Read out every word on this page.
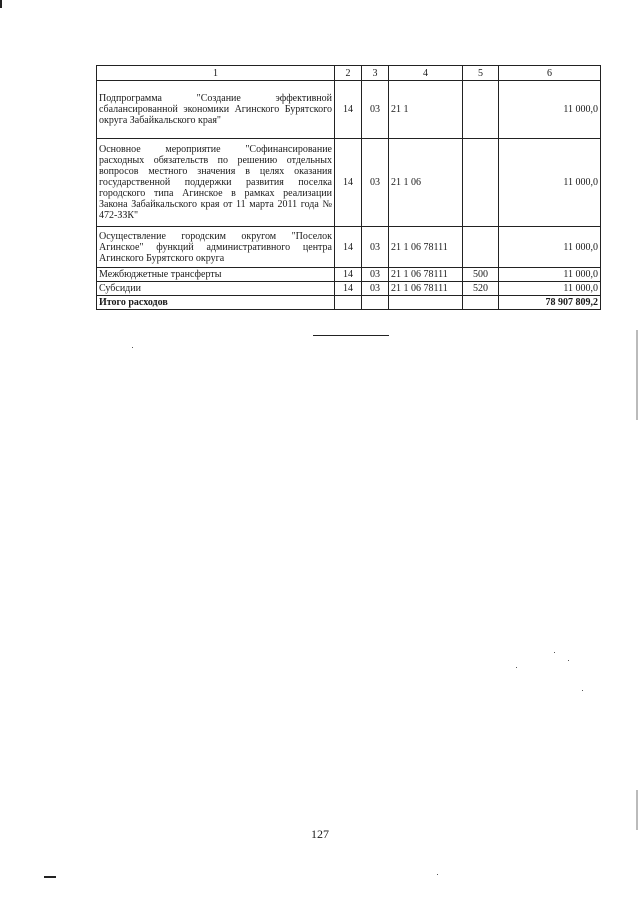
1	2	3	4	5	6
Подпрограмма "Создание эффективной сбалансированной экономики Агинского Бурятского округа Забайкальского края"	14	03	21 1		11 000,0
Основное мероприятие "Софинансирование расходных обязательств по решению отдельных вопросов местного значения в целях оказания государственной поддержки развития поселка городского типа Агинское в рамках реализации Закона Забайкальского края от 11 марта 2011 года № 472-ЗЗК"	14	03	21 1 06		11 000,0
Осуществление городским округом "Поселок Агинское" функций административного центра Агинского Бурятского округа	14	03	21 1 06 78111		11 000,0
Межбюджетные трансферты	14	03	21 1 06 78111	500	11 000,0
Субсидии	14	03	21 1 06 78111	520	11 000,0
Итого расходов					78 907 809,2
127
